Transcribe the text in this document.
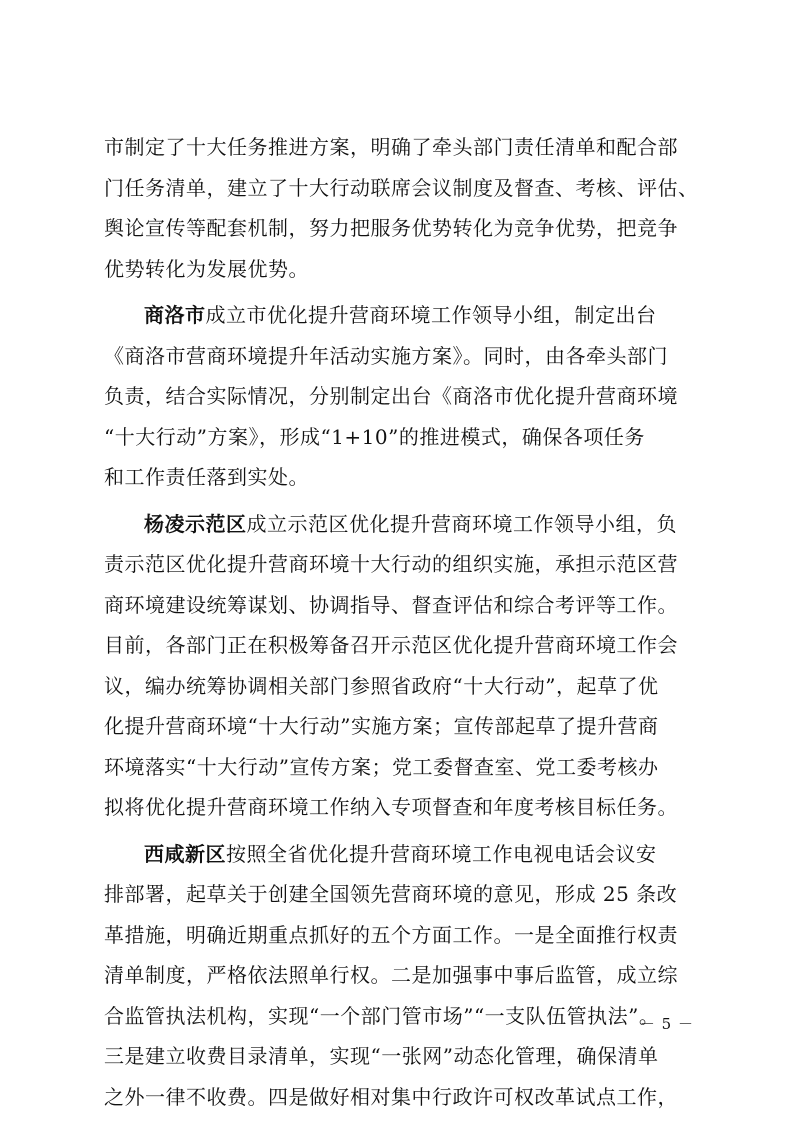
市制定了十大任务推进方案，明确了牵头部门责任清单和配合部
门任务清单，建立了十大行动联席会议制度及督查、考核、评估、
舆论宣传等配套机制，努力把服务优势转化为竞争优势，把竞争
优势转化为发展优势。
商洛市成立市优化提升营商环境工作领导小组，制定出台
《商洛市营商环境提升年活动实施方案》。同时，由各牵头部门
负责，结合实际情况，分别制定出台《商洛市优化提升营商环境
“十大行动”方案》，形成“1+10”的推进模式，确保各项任务
和工作责任落到实处。
杨凌示范区成立示范区优化提升营商环境工作领导小组，负
责示范区优化提升营商环境十大行动的组织实施，承担示范区营
商环境建设统筹谋划、协调指导、督查评估和综合考评等工作。
目前，各部门正在积极筹备召开示范区优化提升营商环境工作会
议，编办统筹协调相关部门参照省政府“十大行动”，起草了优
化提升营商环境“十大行动”实施方案；宣传部起草了提升营商
环境落实“十大行动”宣传方案；党工委督查室、党工委考核办
拟将优化提升营商环境工作纳入专项督查和年度考核目标任务。
西咸新区按照全省优化提升营商环境工作电视电话会议安
排部署，起草关于创建全国领先营商环境的意见，形成 25 条改
革措施，明确近期重点抓好的五个方面工作。一是全面推行权责
清单制度，严格依法照单行权。二是加强事中事后监管，成立综
合监管执法机构，实现“一个部门管市场”“一支队伍管执法”。
三是建立收费目录清单，实现“一张网”动态化管理，确保清单
之外一律不收费。四是做好相对集中行政许可权改革试点工作，
－ 5 －
